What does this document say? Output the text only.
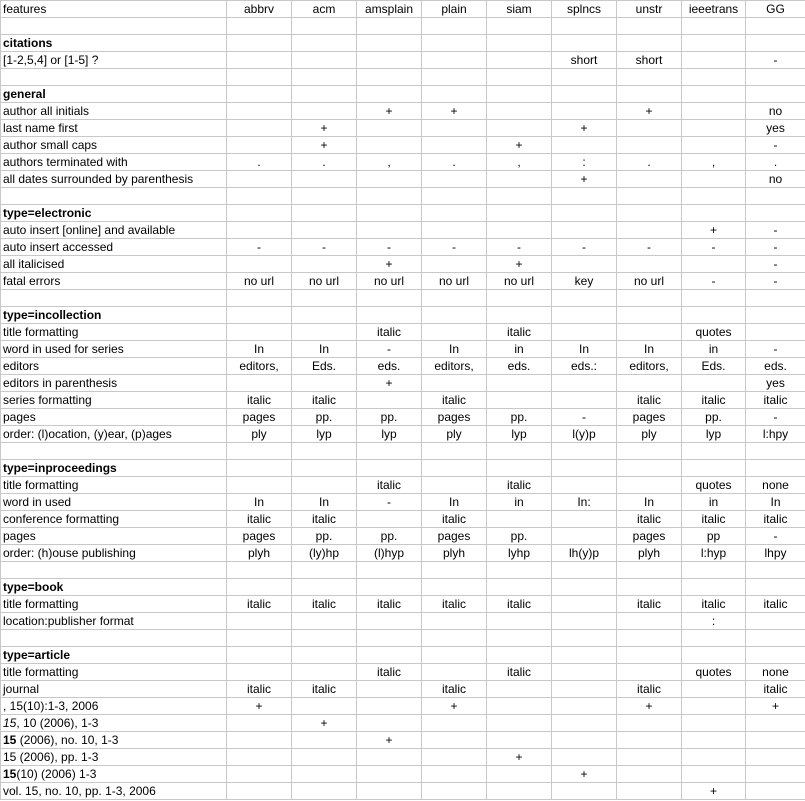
features	abbrv	acm	amsplain	plain	siam	splncs	unstr	ieeetrans	GG

citations									
[1-2,5,4] or [1-5] ?						short	short		-

general									
author all initials			+	+			+		no
last name first		+				+			yes
author small caps		+			+				-
authors terminated with	.	.	,	.	,	:	.	,	.
all dates surrounded by parenthesis						+			no

type=electronic									
auto insert [online] and available								+	-
auto insert accessed	-	-	-	-	-	-	-	-	-
all italicised			+		+				-
fatal errors	no url	no url	no url	no url	no url	key	no url	-	-

type=incollection									
title formatting			italic		italic			quotes	
word in used for series	In	In	-	In	in	In	In	in	-
editors	editors,	Eds.	eds.	editors,	eds.	eds.:	editors,	Eds.	eds.
editors in parenthesis			+						yes
series formatting	italic	italic		italic			italic	italic	italic
pages	pages	pp.	pp.	pages	pp.	-	pages	pp.	-
order: (l)ocation, (y)ear, (p)ages	ply	lyp	lyp	ply	lyp	l(y)p	ply	lyp	l:hpy

type=inproceedings									
title formatting			italic		italic			quotes	none
word in used	In	In	-	In	in	In:	In	in	In
conference formatting	italic	italic		italic			italic	italic	italic
pages	pages	pp.	pp.	pages	pp.		pages	pp	-
order: (h)ouse publishing	plyh	(ly)hp	(l)hyp	plyh	lyhp	lh(y)p	plyh	l:hyp	lhpy

type=book									
title formatting	italic	italic	italic	italic	italic		italic	italic	italic
location:publisher format								:	

type=article									
title formatting			italic		italic			quotes	none
journal	italic	italic		italic			italic		italic
, 15(10):1-3, 2006	+			+			+		+
15, 10 (2006), 1-3		+							
15 (2006), no. 10, 1-3			+						
15 (2006), pp. 1-3					+				
15(10) (2006) 1-3						+			
vol. 15, no. 10, pp. 1-3, 2006								+	
